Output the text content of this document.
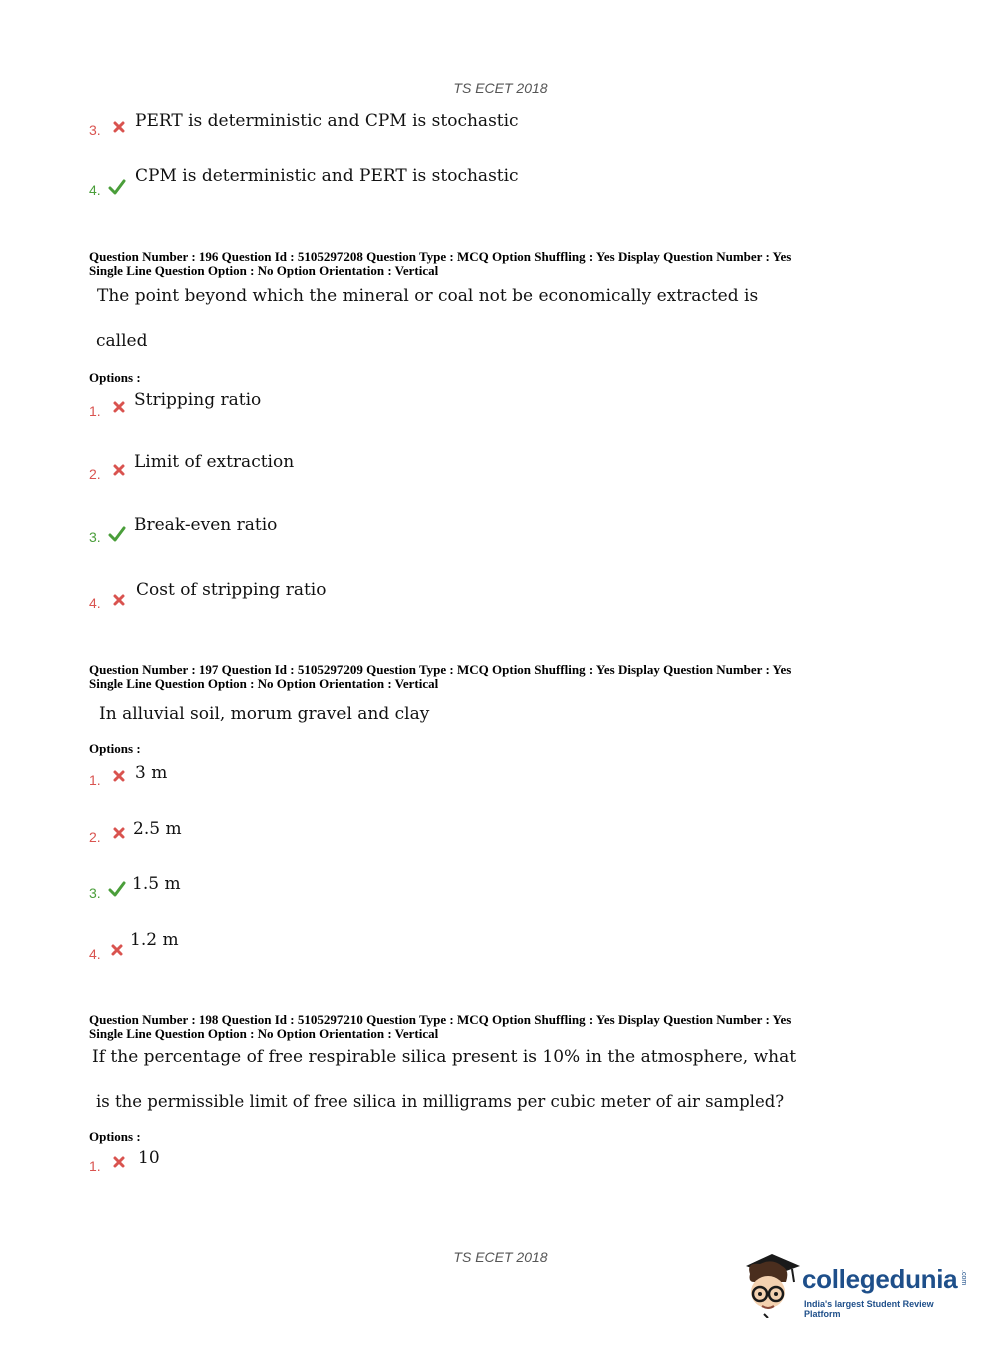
TS ECET 2018
3. PERT is deterministic and CPM is stochastic
4.
CPM is deterministic and PERT is stochastic
Question Number : 196 Question Id : 5105297208 Question Type : MCQ Option Shuffling : Yes Display Question Number : Yes
Single Line Question Option : No Option Orientation : Vertical
The point beyond which the mineral or coal not be economically extracted is
called
Options :
1.
Stripping ratio
2.
Limit of extraction
3.
Break-even ratio
4.
Cost of stripping ratio
Question Number : 197 Question Id : 5105297209 Question Type : MCQ Option Shuffling : Yes Display Question Number : Yes
Single Line Question Option : No Option Orientation : Vertical
In alluvial soil, morum gravel and clay
Options :
1. 3 m
2. 2.5 m
3. 1.5 m
4.
1.2 m
Question Number : 198 Question Id : 5105297210 Question Type : MCQ Option Shuffling : Yes Display Question Number : Yes
Single Line Question Option : No Option Orientation : Vertical
If the percentage of free respirable silica present is 10% in the atmosphere, what
is the permissible limit of free silica in milligrams per cubic meter of air sampled?
Options :
1. 10
TS ECET 2018
collegedunia .com
India's largest Student Review Platform
